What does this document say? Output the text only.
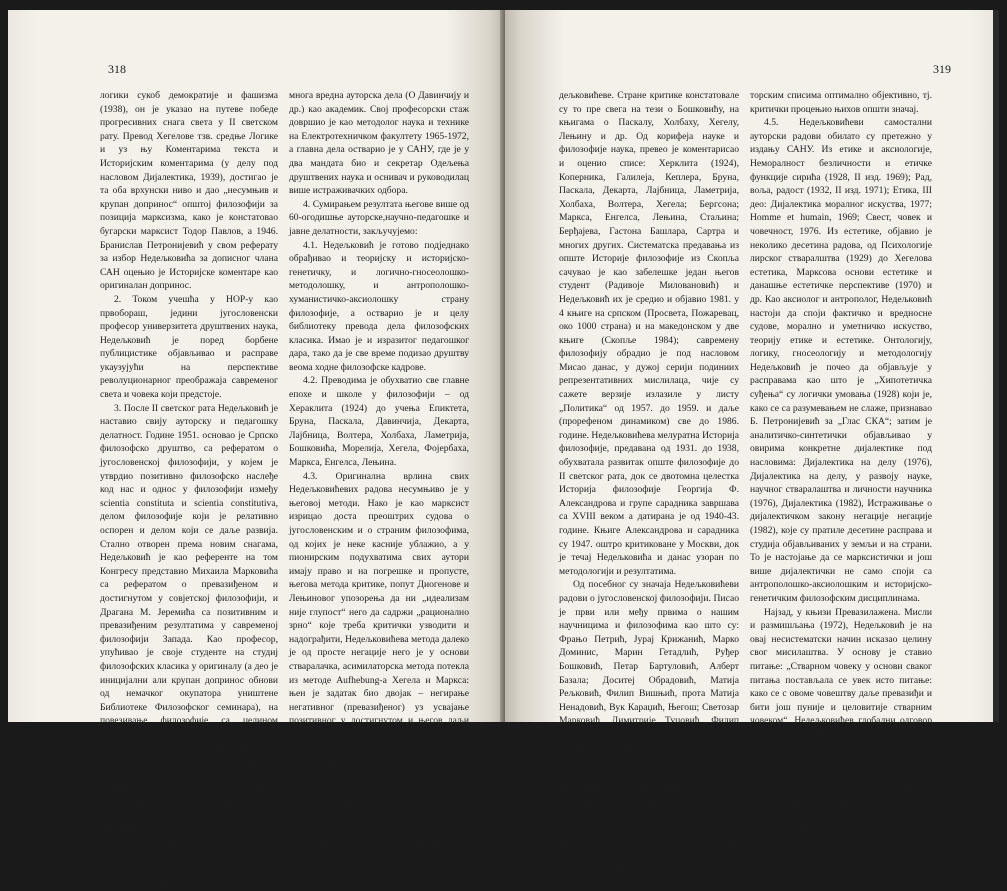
318

логики сукоб демократије и фашизма (1938), он је указао на путеве победе прогресивних снага света у II светском рату. Превод Хегелове тзв. средње Логике и уз њу Коментарима текста и Историјским коментарима (у делу под насловом Дијалектика, 1939), достигао је та оба врхунски ниво и дао „несумњив и крупан допринос“ општој филозофији за позиција марксизма, како је констатовао бугарски марксист Тодор Павлов, а 1946. Бранислав Петронијевић у свом реферату за избор Недељковића за дописног члана САН оцењио је Историјске коментаре као оригиналан допринос.

2. Током учешћа у НОР-у као првобораш, једини југословенски професор универзитета друштвених наука, Недељковић је поред борбене публицистике објављивао и расправе укаузујући на перспективе револуционарног преображаја савременог света и човека који предстоје.

3. После II светског рата Недељковић је наставио свију ауторску и педагошку делатност. Године 1951. основао је Српско филозофско друштво, са рефератом о југословенској филозофији, у којем је утврдио позитивно филозофско наслеђе код нас и однос у филозофији између scientia constituta и scientia constitutiva, делом филозофије који је релативно оспорен и делом који се даље развија. Стално отворен према новим снагама, Недељковић је као референте на том Конгресу представио Михаила Марковића са рефератом о превазиђеном и достигнутом у совјетској филозофији, и Драгана М. Јеремића са позитивним и превазиђеним резултатима у савременој филозофији Запада. Као професор, упућивао је своје студенте на студиј филозофских класика у оригиналу (а део је иницијални али крупан допринос обнови од немачког окупатора уништене Библиотеке Филозофског семинара), на повезивање филозофије са целином културе и цивилизације, посебно са наукама и уметностима. Први је у то време, у своји предавањима на Коларчевом универзитету, критиковао сциjентистичко-техницистичке и идеолистичке примесе код Ф. Енгелса и уопште у марксизму, што је, поред других разлога, навело идеолога ЦК КПЈ М. Биласа да га на неодстојан начин 1953. године удаљи са Београдског универзитета.

Деценију удаљен од студената и јавног рада, Недељковић је остварио и објавио

многа вредна ауторска дела (О Давинчију и др.) као академик. Свој професорски стаж довршио је као методолог наука и технике на Електротехничком факултету 1965-1972, а главна дела остварио је у САНУ, где је у два мандата био и секретар Одељења друштвених наука и оснивач и руководилац више истраживачких одбора.

4. Сумирањем резултата његове више од 60-огодишње ауторске,научно-педагошке и јавне делатности, закључујемо:

4.1. Недељковић је готово подједнако обрађивао и теоријску и историјско-генетичку, и логично-гносеолошко-методолошку, и антрополошко-хуманистичко-аксиолошку страну филозофије, а остварио је и целу библиотеку превода дела филозофских класика. Имао је и изразитог педагошког дара, тако да је све време подизао друштву веома ходне филозофске кадрове.

4.2. Преводима је обухватио све главне епохе и школе у филозофији – од Хераклита (1924) до учења Епиктета, Бруна, Паскала, Давинчија, Декарта, Лајбница, Волтера, Холбаха, Ламетрија, Бошковића, Морелија, Хегела, Фојербаха, Маркса, Енгелса, Лењина.

4.3. Оригинална врлина свих Недељковићевих радова несумњиво је у његовој методи. Нако је као марксист изрицао доста преоштрих судова о југословенским и о страним филозофима, од којих је неке касније ублажио, а у пионирским подухватима свих аутори имају право и на погрешке и пропусте, његова метода критике, попут Диогенове и Лењиновог упозорења да ни „идеализам није глупост“ него да садржи „рационално зрно“ које треба критички узводити и надограђити, Недељковићева метода далеко је од просте негације него је у основи стваралачка, асимилаторска метода потекла из методе Aufhebung-a Хегела и Маркса: њен је задатак био двојак – негирање негативног (превазиђеног) уз усвајање позитивног у достигнутом и његов даљи развитак.

4.4. Стране оцењивачи су похвалили Недељковићеве резултате као медијатора између српске и југословенске филозофије, науке и културе, с једне, и европске и светске, с друге стране, и то не само преводима него и силиним сопственим делом. Иако се, разуме се, служио резултатима претходних истраживача, у овим списима Недељковић је показао своју изузетну ерудицију а оцене су увек самосталне, типично Не-

319

дељковићеве. Стране критике констатовале су то пре свега на тези о Бошковићу, на књигама о Паскалу, Холбаху, Хегелу, Лењину и др. Од корифеја науке и филозофије наука, превео је коментарисао и оценио списе: Херклита (1924), Коперника, Галилеја, Кеплера, Бруна, Паскала, Декарта, Лајбница, Ламетрија, Холбаха, Волтера, Хегела; Бергсона; Маркса, Енгелса, Лењина, Стаљина; Берђајева, Гастона Башлара, Сартра и многих других. Систематска предавања из опште Историје филозофије из Скопља сачувао је као забелешке један његов студент (Радивоје Миловановић) и Недељковић их је средио и објавио 1981. у 4 књиге на српском (Просвета, Пожаревац, око 1000 страна) и на македонском у две књиге (Скопље 1984); савремену филозофију обрадио је под насловом Мисао данас, у дужој серији подиниих репрезентативних мислилаца, чије су сажете верзије излазиле у листу „Политика“ од 1957. до 1959. и даље (прорефеном динамиком) све до 1986. године. Недељковићева мелуратна Историја филозофије, предавана од 1931. до 1938, обухватала развитак опште филозофије до II светског рата, док се двотомна целестка Историја филозофије Георгија Ф. Александрова и групе сарадника завршава са XVIII веком а датирана је од 1940-43. године. Књиге Александрова и сарадника су 1947. оштро критиковане у Москви, док је течај Недељковића и данас узоран по методологији и резултатима.

Од посебног су значаја Недељковићеви радови о југословенској филозофији. Писао је први или међу првима о нашим научницима и филозофима као што су: Фрањо Петрић, Јурај Крижанић, Марко Доминис, Марин Гетадлић, Руђер Бошковић, Петар Бартуловић, Алберт Базала; Доситеј Обрадовић, Матија Рељковић, Филип Вишњић, прота Матија Ненадовић, Вук Караџић, Његош; Светозар Марковић, Димитрије Туцовић, Филип Филиповић, Тито, Кардељ; Лаза Костић, Милош Петровић, Божа Кнежевић, Јован Цвијић, Михаило Петровић Алас, Никола Тесла, Тома Живановић, Бранислав Петронијевић; Огњен Прица, Веселин Маслеша, Иво Лола Рибар, Коста Рацин и други. Пошто је добро знао у каквим су условима деловали југословенски, посебно српски мислиоци а нарочито марксисти, Недељковић је у овим својим компаративистичко-медија-

торским списима оптимално објективно, тј. критички процењио њихов општи значај.

4.5. Недељковићеви самостални ауторски радови обилато су претежно у издању САНУ. Из етике и аксиологије, Неморалност безличности и етичке функције сирића (1928, II изд. 1969); Рад, воља, радост (1932, II изд. 1971); Етика, III део: Дијалектика моралног искуства, 1977; Homme et humain, 1969; Свест, човек и човечност, 1976. Из естетике, објавио је неколико десетина радова, од Психологије лирског стваралштва (1929) до Хегелова естетика, Марксова основи естетике и данашње естетичке перспективе (1970) и др. Као аксиолог и антрополог, Недељковић настоји да споји фактичко и вредносне судове, морално и уметничко искуство, теорију етике и естетике. Онтологију, логику, гносеологију и методологију Недељковић је почео да објављује у расправама као што је „Хипотетичка суђења“ су логички умовања (1928) који је, како се са разумевањем не слаже, признавао Б. Петронијевић за „Глас СКА“; затим је аналитичко-синтетички објављивао у овирима конкретне дијалектике под насловима: Дијалектика на делу (1976), Дијалектика на делу, у развоју науке, научног стваралаштва и личности научника (1976), Дијалектика (1982), Истраживање о дијалектичком закону негације негације (1982), које су пратиле десетине расправа и студија објављиваних у земљи и на страни. То је настојање да се марксистички и још више дијалектички не само споји са антрополошко-аксиолошким и историјско-генетичким филозофским дисциплинама.

Најзад, у књизи Превазилажена. Мисли и размишљања (1972), Недељковић је на овај несистематски начин исказао целину свог мисилаштва. У основу је ставио питање: „Стварном човеку у основи сваког питања постављала се увек исто питање: како се с овоме човештву даље превазиђи и бити још пуније и целовитије стварним човеком“. Недељковићев глобални одговор на ово антрополошко-хуманистичко питање је и тада као и пола века пре тога, када је био на почетима стварања, исти: човек се непрекидно самопревазилази, ослобађа и преображава – стваралачким радом. Тиме је исказао суштину развијене својих мисли „превазилажења и самопревазилажења нашега света, човека и човештва“, своју варијанту марксистичке филозофске антропологије и аксиологије.
